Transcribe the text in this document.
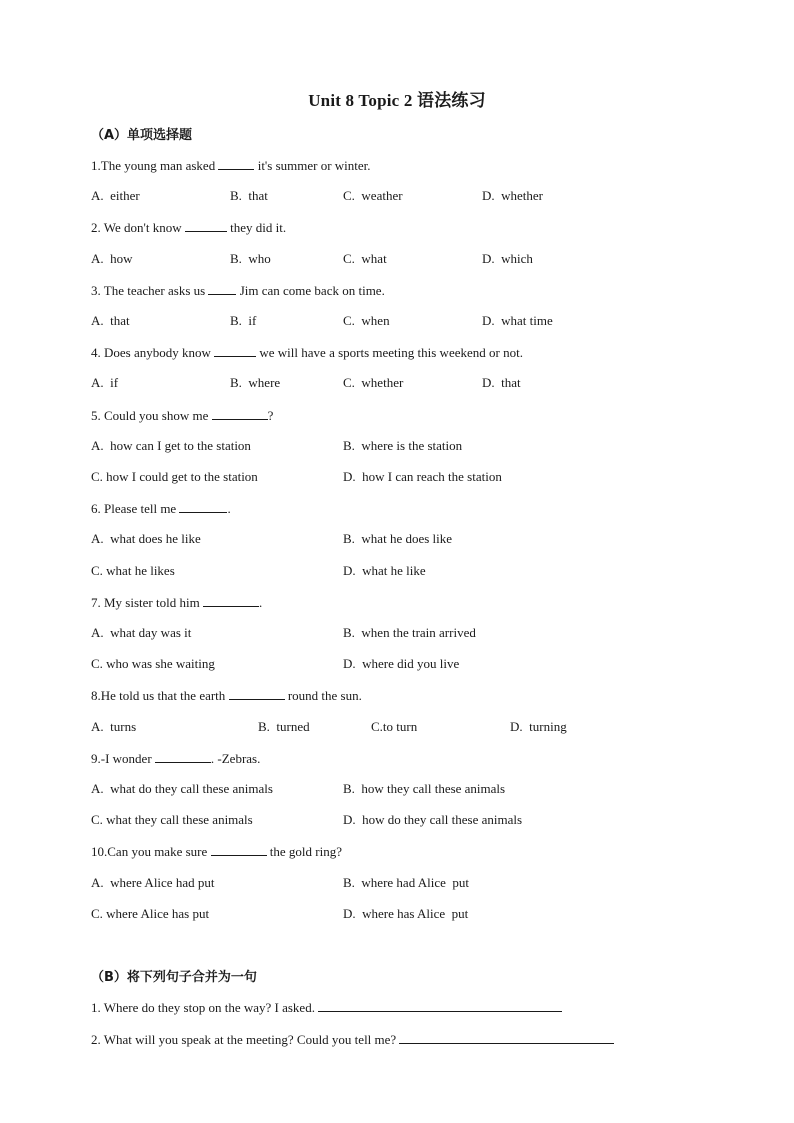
Unit 8 Topic 2 语法练习
（A）单项选择题
1.The young man asked	it's summer or winter.
A.  either	B.  that	C.  weather	D.  whether
2. We don't know	they did it.
A.  how	B.  who	C.  what	D.  which
3. The teacher asks us  Jim can come back on time.
A.  that	B.  if	C.  when	D.  what time
4. Does anybody know	we will have a sports meeting this weekend or not.
A.  if	B.  where	C.  whether	D.  that
5. Could you show me	?
A.  how can I get to the station	B.  where is the station
C. how I could get to the station	D.  how I can reach the station
6. Please tell me	.
A.  what does he like	B.  what he does like
C. what he likes	D.  what he like
7. My sister told him	.
A.  what day was it	B.  when the train arrived
C. who was she waiting	D.  where did you live
8.He told us that the earth	round the sun.
A.  turns	B.  turned	C.to turn	D.  turning
9.-I wonder	. -Zebras.
A.  what do they call these animals	B.  how they call these animals
C. what they call these animals	D.  how do they call these animals
10.Can you make sure	the gold ring?
A.  where Alice had put	B.  where had Alice  put
C. where Alice has put	D.  where has Alice  put
（B）将下列句子合并为一句
1. Where do they stop on the way? I asked.
2. What will you speak at the meeting? Could you tell me?
